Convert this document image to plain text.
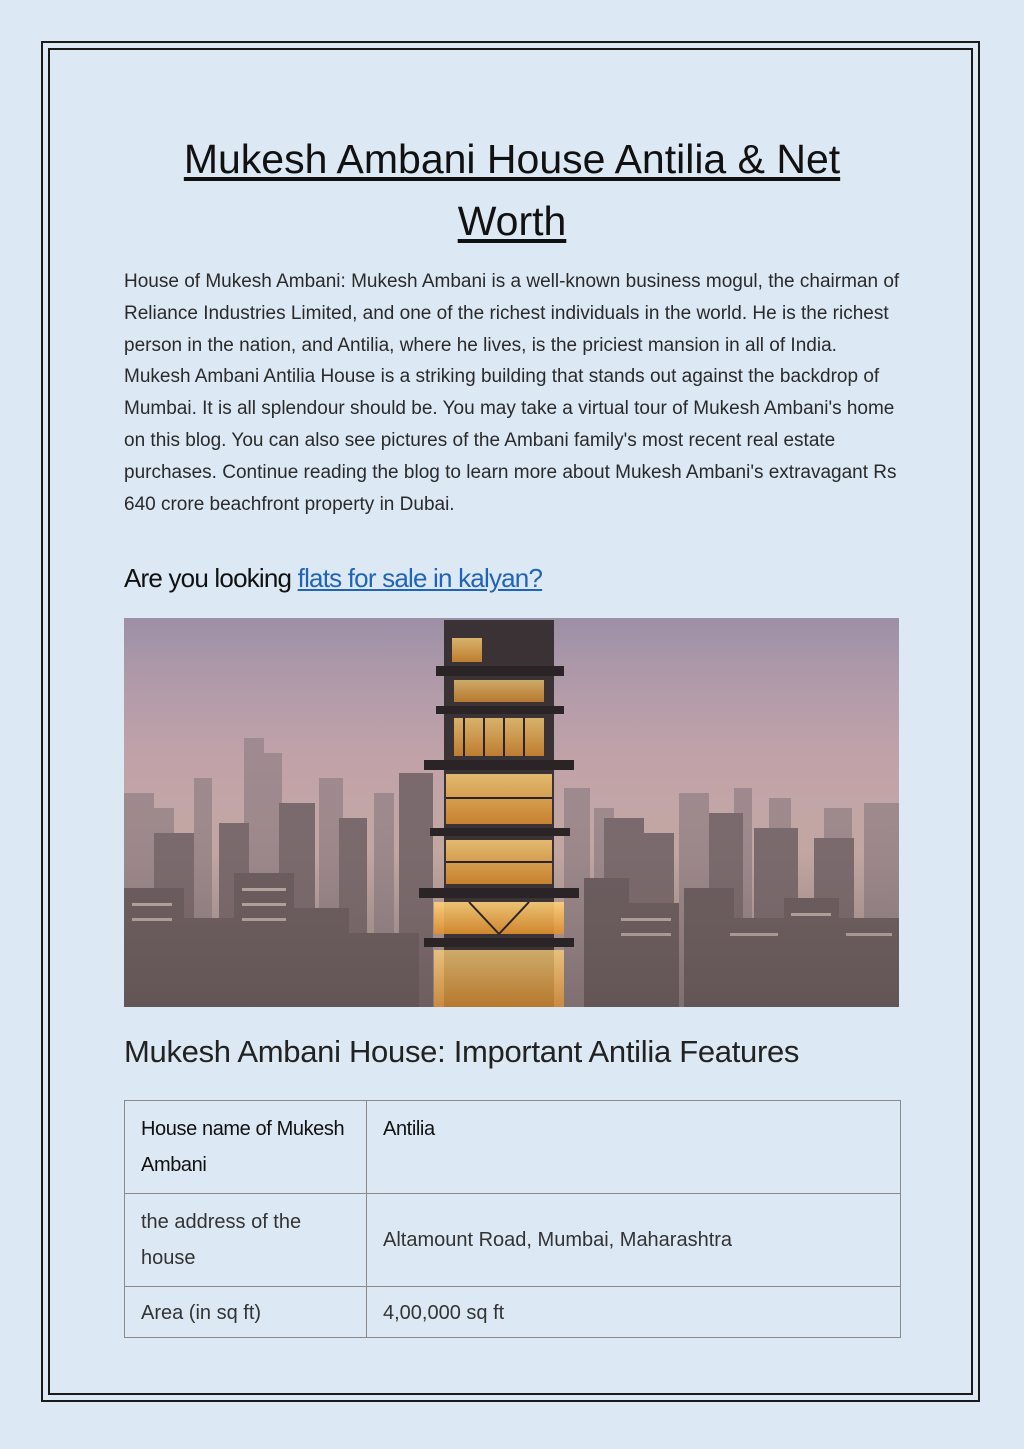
Mukesh Ambani House Antilia & Net Worth

House of Mukesh Ambani: Mukesh Ambani is a well-known business mogul, the chairman of Reliance Industries Limited, and one of the richest individuals in the world. He is the richest person in the nation, and Antilia, where he lives, is the priciest mansion in all of India. Mukesh Ambani Antilia House is a striking building that stands out against the backdrop of Mumbai. It is all splendour should be. You may take a virtual tour of Mukesh Ambani's home on this blog. You can also see pictures of the Ambani family's most recent real estate purchases. Continue reading the blog to learn more about Mukesh Ambani's extravagant Rs 640 crore beachfront property in Dubai.

Are you looking flats for sale in kalyan?
Mukesh Ambani House: Important Antilia Features
House name of Mukesh Ambani	Antilia
the address of the house	Altamount Road, Mumbai, Maharashtra
Area (in sq ft)	4,00,000 sq ft
